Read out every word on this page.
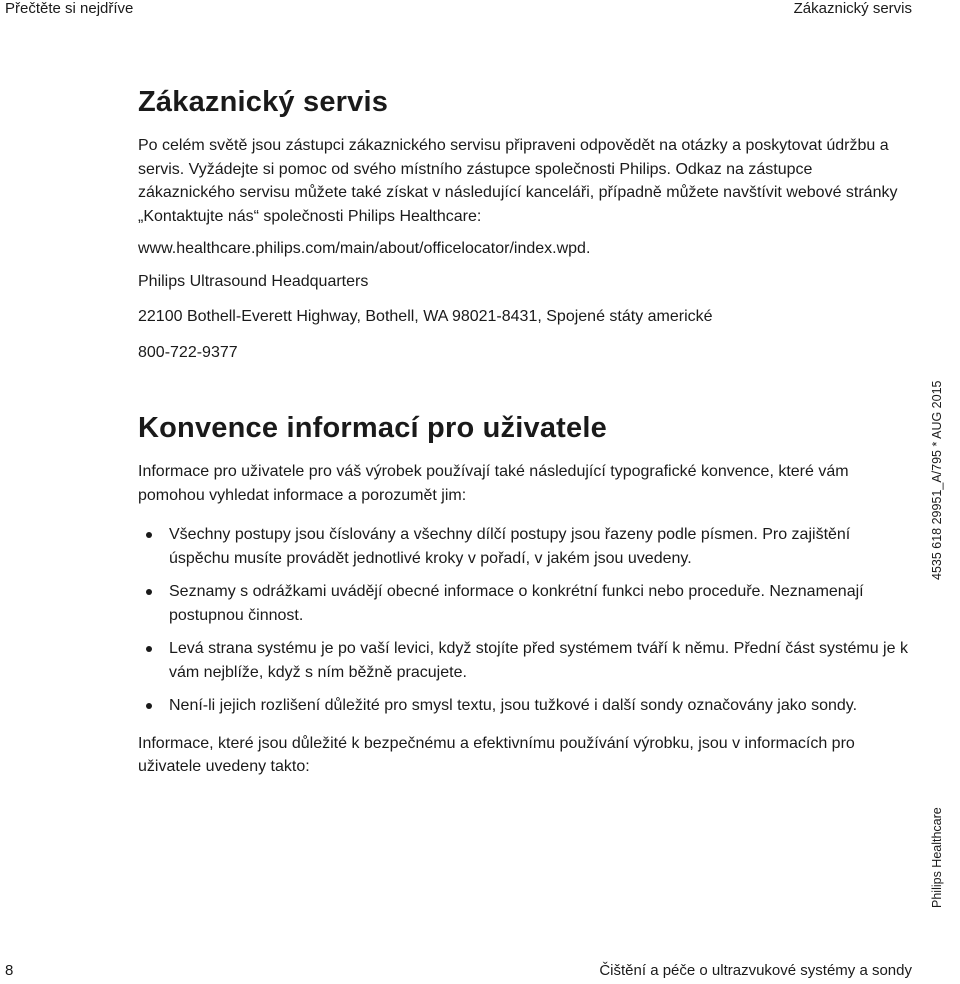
Přečtěte si nejdříve	Zákaznický servis
Zákaznický servis

Po celém světě jsou zástupci zákaznického servisu připraveni odpovědět na otázky a poskytovat údržbu a servis. Vyžádejte si pomoc od svého místního zástupce společnosti Philips. Odkaz na zástupce zákaznického servisu můžete také získat v následující kanceláři, případně můžete navštívit webové stránky „Kontaktujte nás“ společnosti Philips Healthcare:

www.healthcare.philips.com/main/about/officelocator/index.wpd.

Philips Ultrasound Headquarters

22100 Bothell-Everett Highway, Bothell, WA 98021-8431, Spojené státy americké

800-722-9377

Konvence informací pro uživatele

Informace pro uživatele pro váš výrobek používají také následující typografické konvence, které vám pomohou vyhledat informace a porozumět jim:

Všechny postupy jsou číslovány a všechny dílčí postupy jsou řazeny podle písmen. Pro zajištění úspěchu musíte provádět jednotlivé kroky v pořadí, v jakém jsou uvedeny.
Seznamy s odrážkami uvádějí obecné informace o konkrétní funkci nebo proceduře. Neznamenají postupnou činnost.
Levá strana systému je po vaší levici, když stojíte před systémem tváří k němu. Přední část systému je k vám nejblíže, když s ním běžně pracujete.
Není-li jejich rozlišení důležité pro smysl textu, jsou tužkové i další sondy označovány jako sondy.

Informace, které jsou důležité k bezpečnému a efektivnímu používání výrobku, jsou v informacích pro uživatele uvedeny takto:

4535 618 29951_A/795 * AUG 2015
Philips Healthcare
8	Čištění a péče o ultrazvukové systémy a sondy
